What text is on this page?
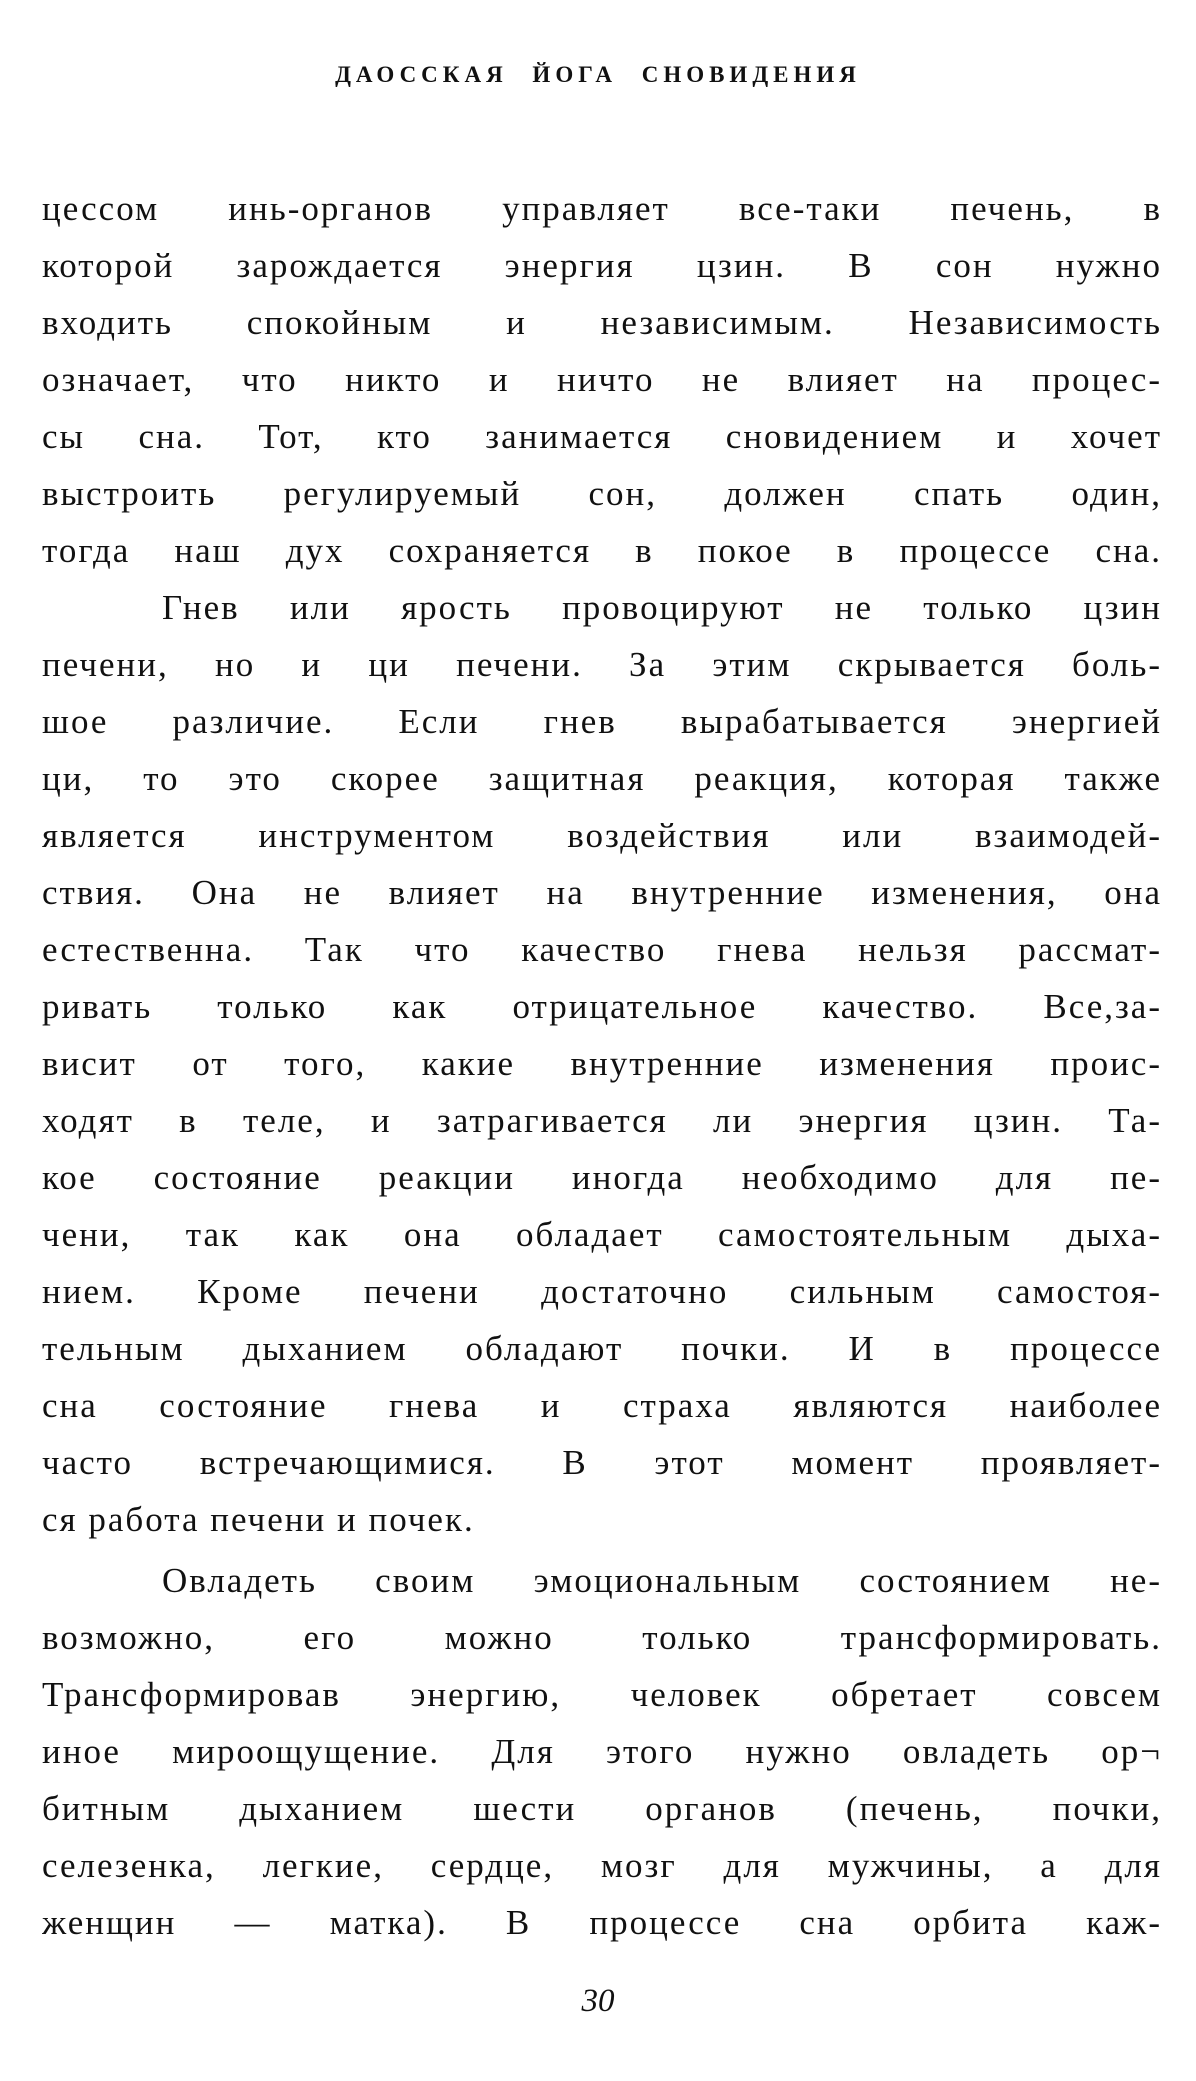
ДАОССКАЯ ЙОГА СНОВИДЕНИЯ
цессом инь-органов управляет все-таки печень, в
которой зарождается энергия цзин. В сон нужно
входить спокойным и независимым. Независимость
означает, что никто и ничто не влияет на процес-
сы сна. Тот, кто занимается сновидением и хочет
выстроить регулируемый сон, должен спать один,
тогда наш дух сохраняется в покое в процессе сна.
Гнев или ярость провоцируют не только цзин
печени, но и ци печени. За этим скрывается боль-
шое различие. Если гнев вырабатывается энергией
ци, то это скорее защитная реакция, которая также
является инструментом воздействия или взаимодей-
ствия. Она не влияет на внутренние изменения, она
естественна. Так что качество гнева нельзя рассмат-
ривать только как отрицательное качество. Все,за-
висит от того, какие внутренние изменения проис-
ходят в теле, и затрагивается ли энергия цзин. Та-
кое состояние реакции иногда необходимо для пе-
чени, так как она обладает самостоятельным дыха-
нием. Кроме печени достаточно сильным самостоя-
тельным дыханием обладают почки. И в процессе
сна состояние гнева и страха являются наиболее
часто встречающимися. В этот момент проявляет-
ся работа печени и почек.
Овладеть своим эмоциональным состоянием не-
возможно, его можно только трансформировать.
Трансформировав энергию, человек обретает совсем
иное мироощущение. Для этого нужно овладеть ор¬
битным дыханием шести органов (печень, почки,
селезенка, легкие, сердце, мозг для мужчины, а для
женщин — матка). В процессе сна орбита каж-
30
